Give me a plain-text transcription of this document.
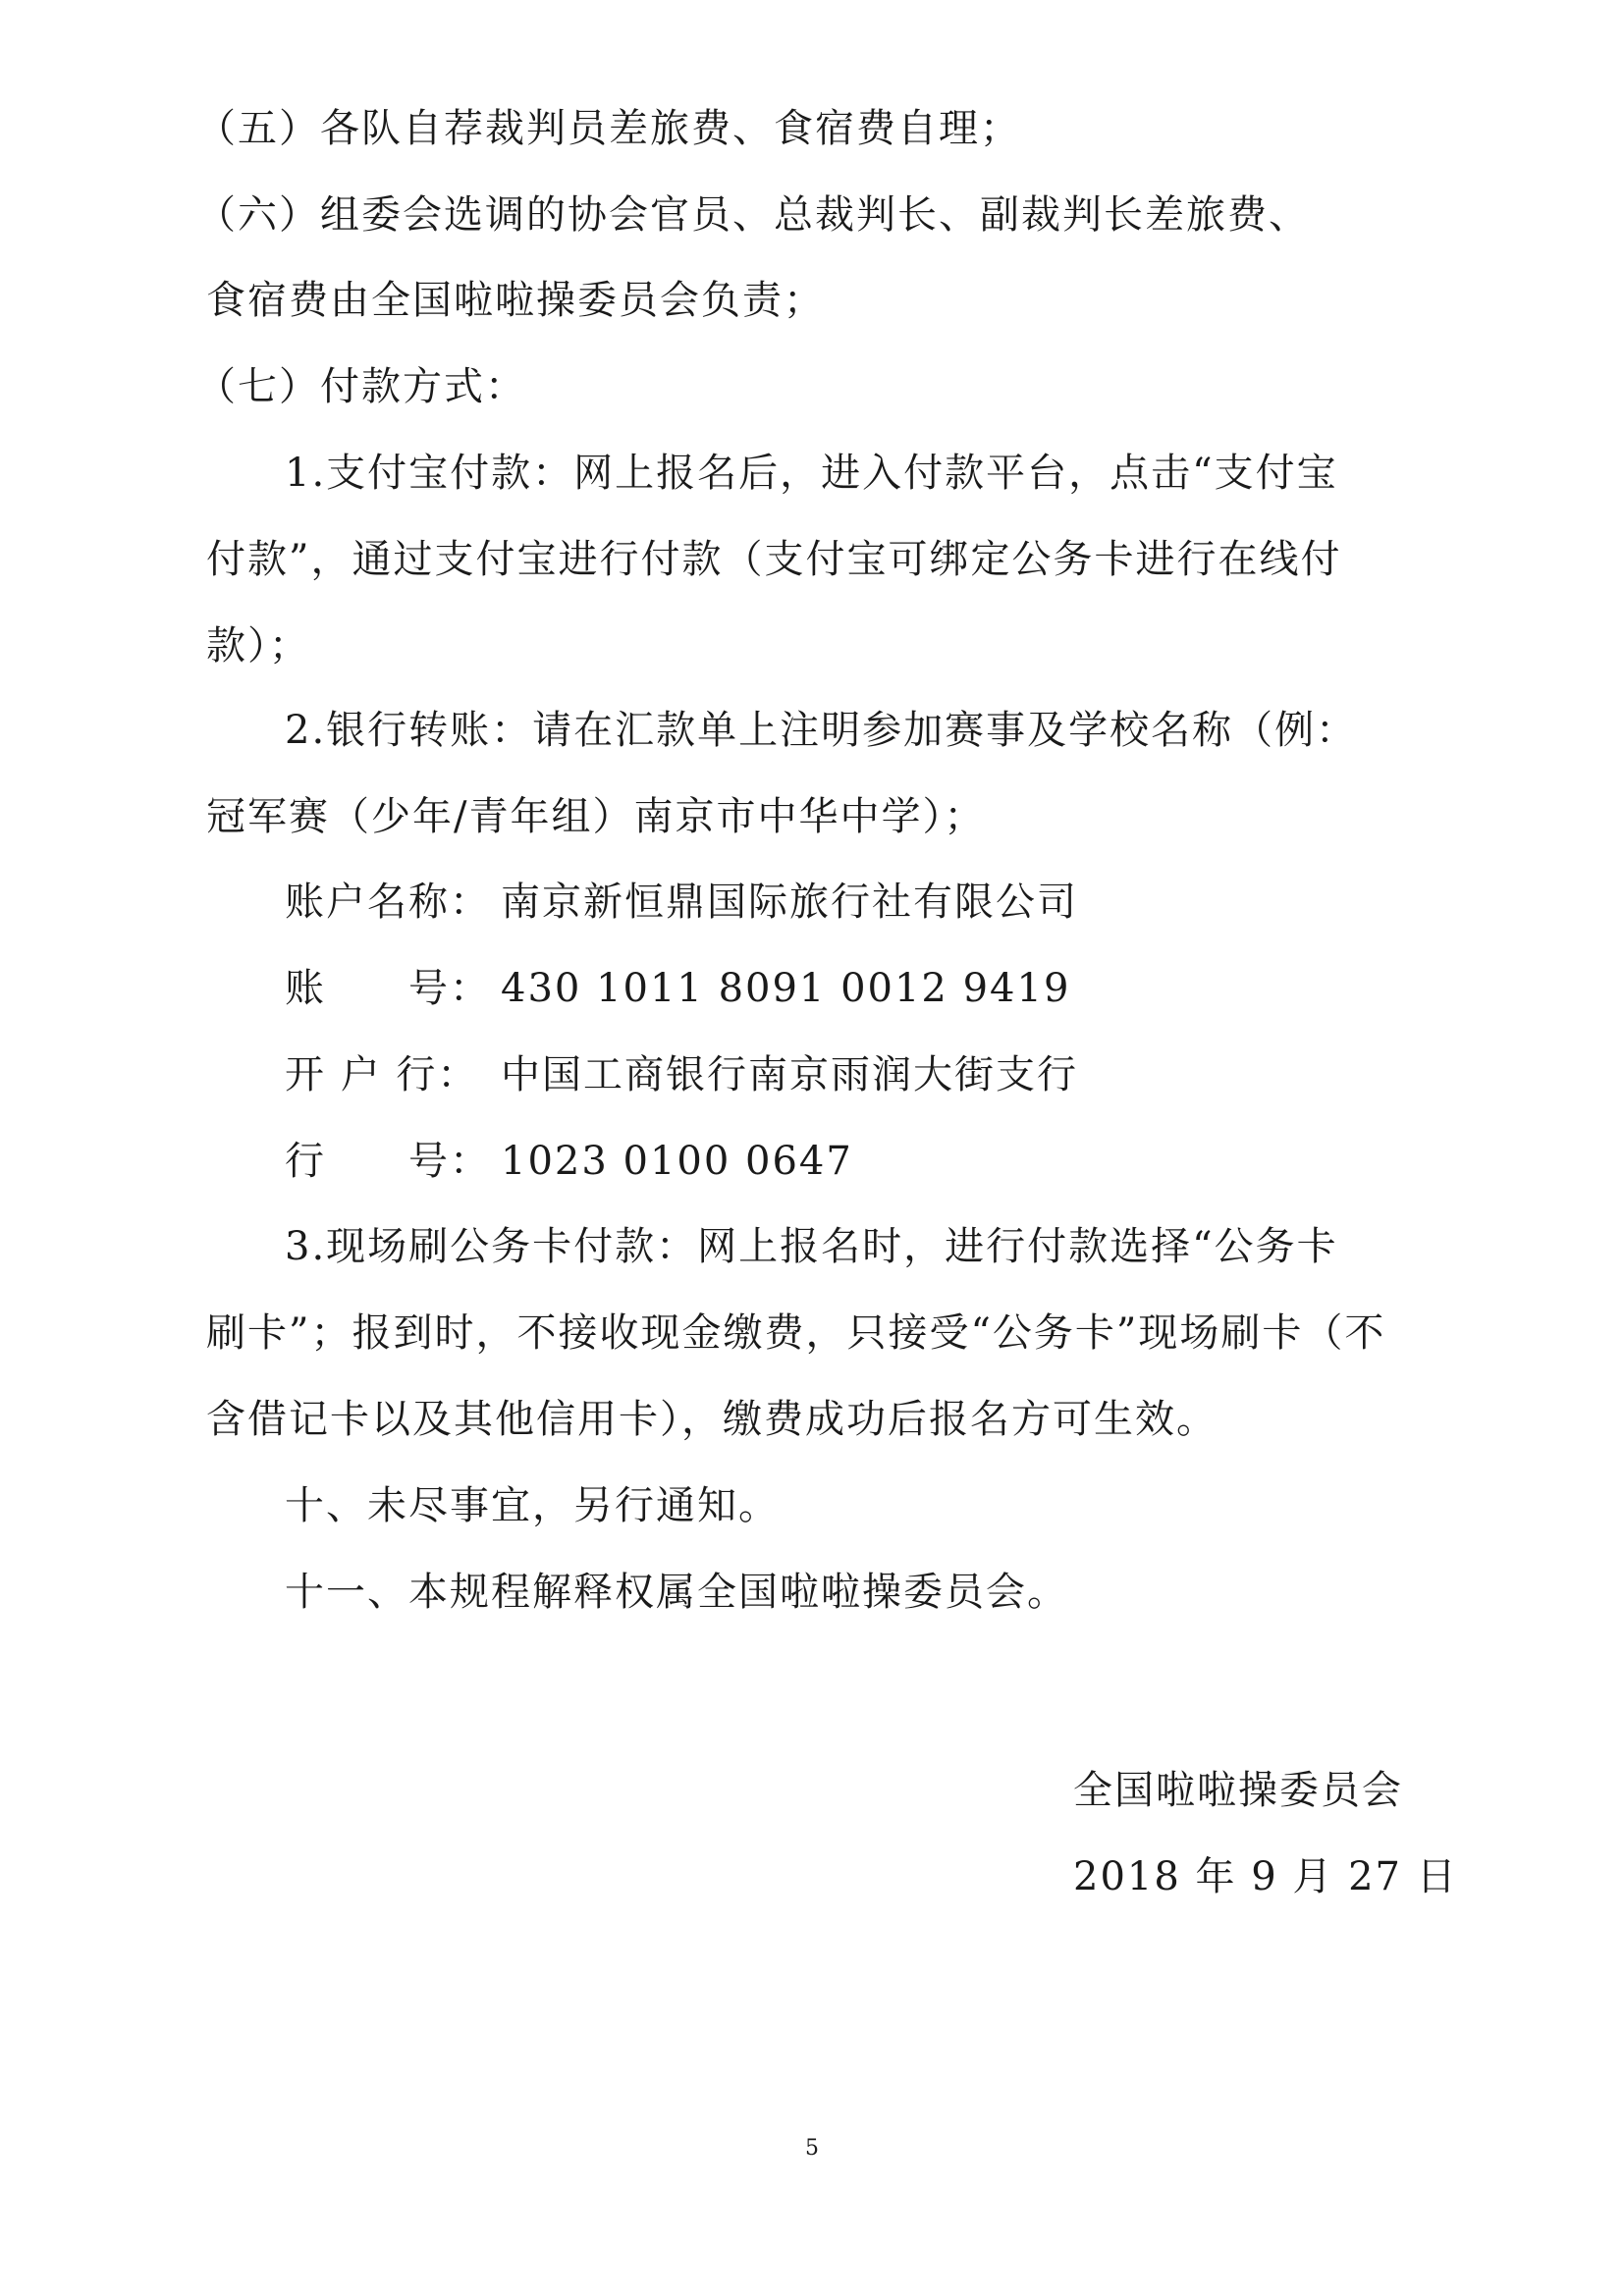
（五）各队自荐裁判员差旅费、食宿费自理；
（六）组委会选调的协会官员、总裁判长、副裁判长差旅费、
食宿费由全国啦啦操委员会负责；
（七）付款方式：
1.支付宝付款：网上报名后，进入付款平台，点击“支付宝
付款”，通过支付宝进行付款（支付宝可绑定公务卡进行在线付
款）；
2.银行转账：请在汇款单上注明参加赛事及学校名称（例：
冠军赛（少年/青年组）南京市中华中学）；
账户名称： 南京新恒鼎国际旅行社有限公司
账　　号： 430 1011 8091 0012 9419
开 户 行： 中国工商银行南京雨润大街支行
行　　号： 1023 0100 0647
3.现场刷公务卡付款：网上报名时，进行付款选择“公务卡
刷卡”；报到时，不接收现金缴费，只接受“公务卡”现场刷卡（不
含借记卡以及其他信用卡），缴费成功后报名方可生效。
十、未尽事宜，另行通知。
十一、本规程解释权属全国啦啦操委员会。
全国啦啦操委员会
2018 年 9 月 27 日
5
